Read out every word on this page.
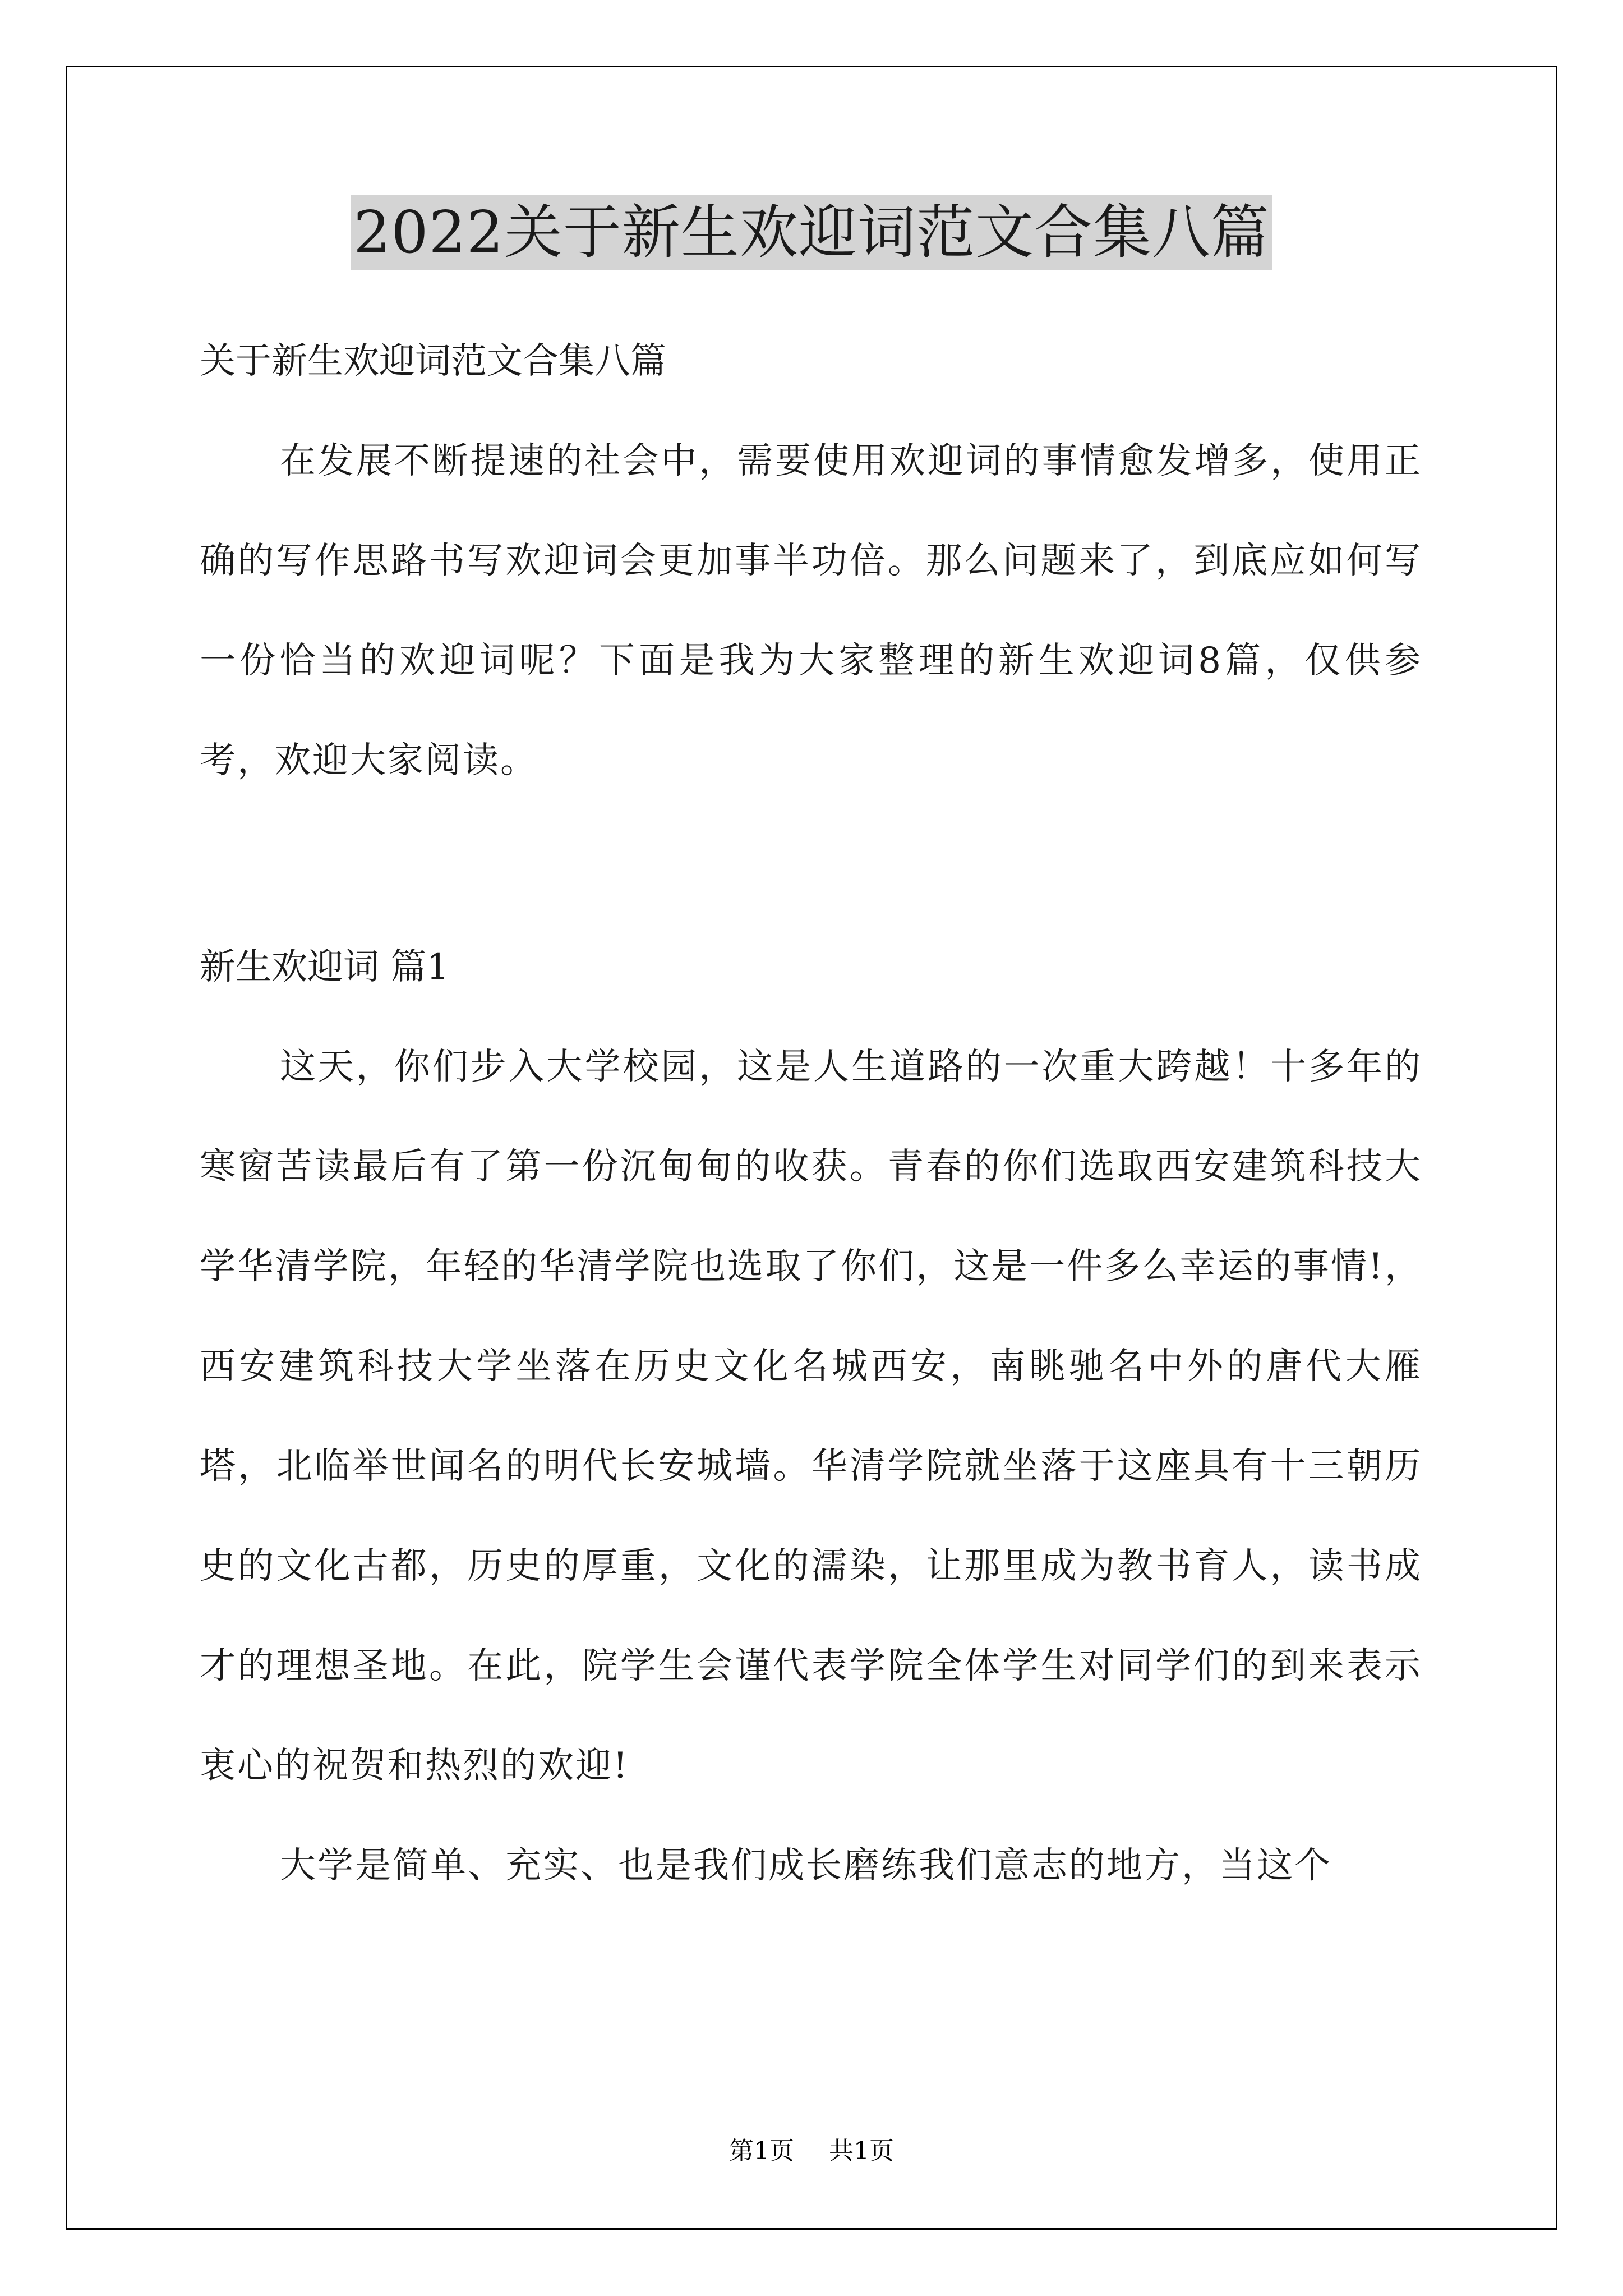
2022关于新生欢迎词范文合集八篇

关于新生欢迎词范文合集八篇

在发展不断提速的社会中，需要使用欢迎词的事情愈发增多，使用正确的写作思路书写欢迎词会更加事半功倍。那么问题来了，到底应如何写一份恰当的欢迎词呢？下面是我为大家整理的新生欢迎词8篇，仅供参考，欢迎大家阅读。

新生欢迎词 篇1

这天，你们步入大学校园，这是人生道路的一次重大跨越！十多年的寒窗苦读最后有了第一份沉甸甸的收获。青春的你们选取西安建筑科技大学华清学院，年轻的华清学院也选取了你们，这是一件多么幸运的事情!，西安建筑科技大学坐落在历史文化名城西安，南眺驰名中外的唐代大雁塔，北临举世闻名的明代长安城墙。华清学院就坐落于这座具有十三朝历史的文化古都，历史的厚重，文化的濡染，让那里成为教书育人，读书成才的理想圣地。在此，院学生会谨代表学院全体学生对同学们的到来表示衷心的祝贺和热烈的欢迎!

大学是简单、充实、也是我们成长磨练我们意志的地方，当这个

第1页 共1页
